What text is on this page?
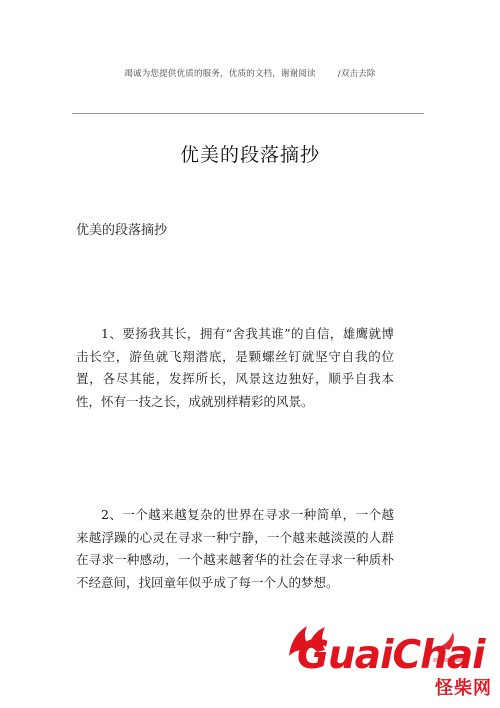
竭诚为您提供优质的服务，优质的文档，谢谢阅读	/双击去除
优美的段落摘抄
优美的段落摘抄
1、要扬我其长，拥有“舍我其谁”的自信，雄鹰就博击长空，游鱼就飞翔潜底，是颗螺丝钉就坚守自我的位置，各尽其能，发挥所长，风景这边独好，顺乎自我本性，怀有一技之长，成就别样精彩的风景。
2、一个越来越复杂的世界在寻求一种简单，一个越来越浮躁的心灵在寻求一种宁静，一个越来越淡漠的人群在寻求一种感动，一个越来越奢华的社会在寻求一种质朴　不经意间，找回童年似乎成了每一个人的梦想。
GuaiChai
怪柴网
